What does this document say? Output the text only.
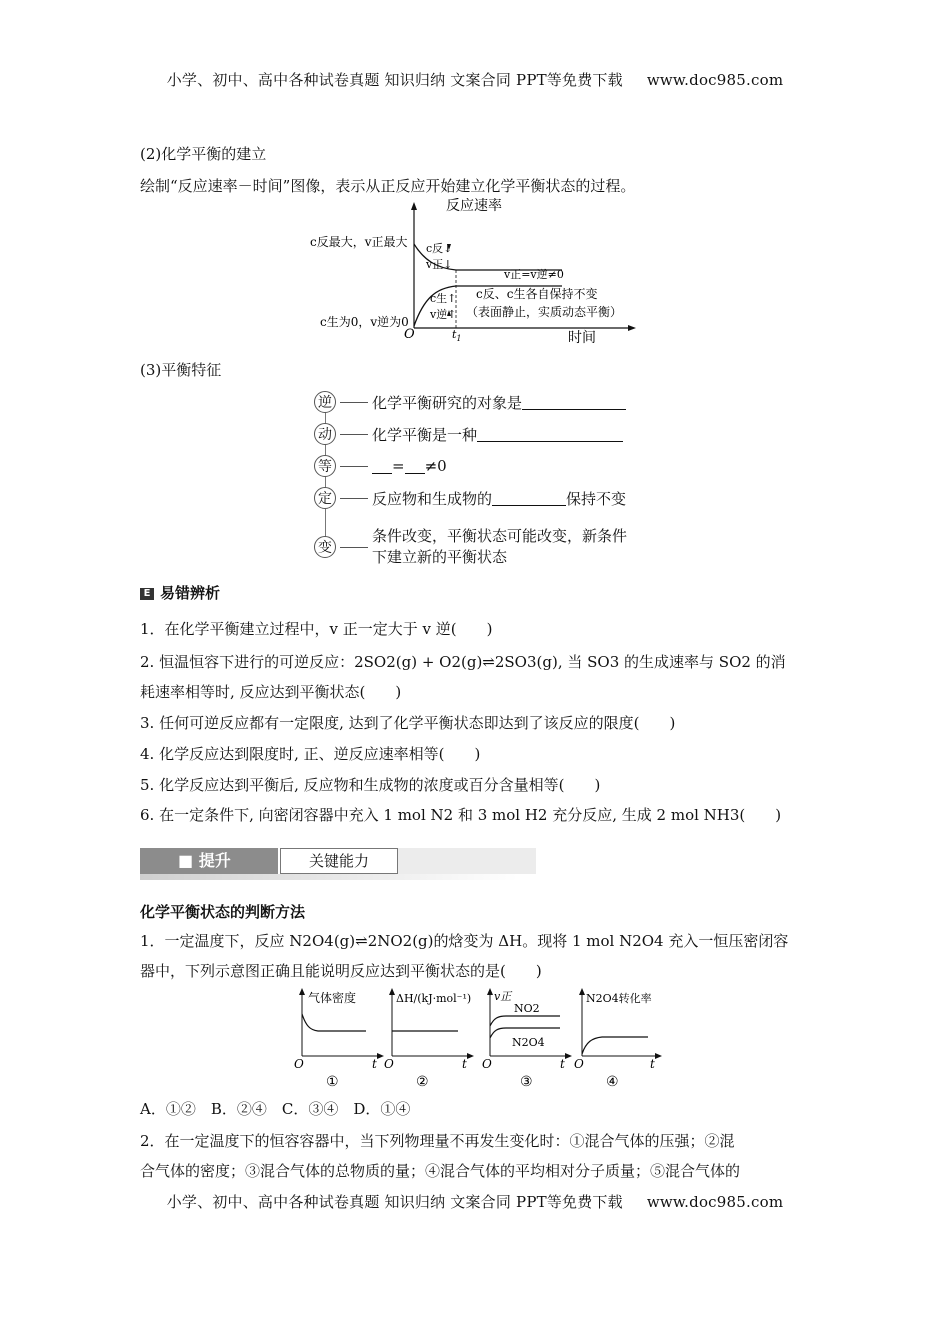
小学、初中、高中各种试卷真题 知识归纳 文案合同 PPT等免费下载 www.doc985.com
(2)化学平衡的建立
绘制“反应速率－时间”图像，表示从正反应开始建立化学平衡状态的过程。
反应速率
c反最大，v正最大
c生为0，v逆为0
O	$t_1$	时间
c反↓
v正↓
c生↑
v逆↑
v正=v逆≠0
c反、c生各自保持不变
（表面静止，实质动态平衡）
(3)平衡特征
逆	化学平衡研究的对象是
动	化学平衡是一种
等	= ≠0
定	反应物和生成物的	保持不变
变
条件改变，平衡状态可能改变，新条件
下建立新的平衡状态
E 易错辨析
1．在化学平衡建立过程中，v 正一定大于 v 逆(　　)
2. 恒温恒容下进行的可逆反应：2SO2(g) + O2(g)⇌2SO3(g), 当 SO3 的生成速率与 SO2 的消
耗速率相等时, 反应达到平衡状态(　　)
3. 任何可逆反应都有一定限度, 达到了化学平衡状态即达到了该反应的限度(　　)
4. 化学反应达到限度时, 正、逆反应速率相等(　　)
5. 化学反应达到平衡后, 反应物和生成物的浓度或百分含量相等(　　)
6. 在一定条件下, 向密闭容器中充入 1 mol N2 和 3 mol H2 充分反应, 生成 2 mol NH3(　　)
■ 提升	关键能力
化学平衡状态的判断方法
1．一定温度下，反应 N2O4(g)⇌2NO2(g)的焓变为 ΔH。现将 1 mol N2O4 充入一恒压密闭容
器中，下列示意图正确且能说明反应达到平衡状态的是(　　)
气体密度
O	t
①
ΔH/(kJ·mol⁻¹)
O	t
②
v正
NO2
N2O4
O	t
③
N2O4转化率
O	t
④
A．①②　B．②④　C．③④　D．①④
2．在一定温度下的恒容容器中，当下列物理量不再发生变化时：①混合气体的压强；②混
合气体的密度；③混合气体的总物质的量；④混合气体的平均相对分子质量；⑤混合气体的
小学、初中、高中各种试卷真题 知识归纳 文案合同 PPT等免费下载 www.doc985.com
